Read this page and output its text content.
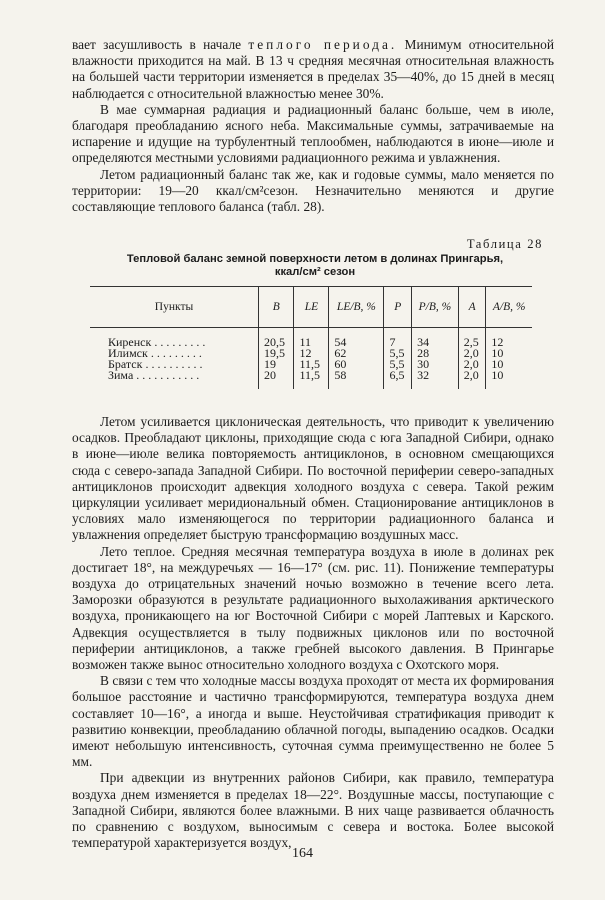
вает засушливость в начале теплого периода. Минимум относительной влажности приходится на май. В 13 ч средняя месячная относительная влажность на большей части территории изменяется в пределах 35—40%, до 15 дней в месяц наблюдается с относительной влажностью менее 30%.

В мае суммарная радиация и радиационный баланс больше, чем в июле, благодаря преобладанию ясного неба. Максимальные суммы, затрачиваемые на испарение и идущие на турбулентный теплообмен, наблюдаются в июне—июле и определяются местными условиями радиационного режима и увлажнения.

Летом радиационный баланс так же, как и годовые суммы, мало меняется по территории: 19—20 ккал/см²сезон. Незначительно меняются и другие составляющие теплового баланса (табл. 28).

Таблица 28
Тепловой баланс земной поверхности летом в долинах Прингарья,
ккал/см² сезон
Пункты	B	LE	LE/B, %	P	P/B, %	A	A/B, %
Киренск . . . . . . . . .	20,5	11	54	7	34	2,5	12
Илимск . . . . . . . . .	19,5	12	62	5,5	28	2,0	10
Братск . . . . . . . . . .	19	11,5	60	5,5	30	2,0	10
Зима . . . . . . . . . . .	20	11,5	58	6,5	32	2,0	10

Летом усиливается циклоническая деятельность, что приводит к увеличению осадков. Преобладают циклоны, приходящие сюда с юга Западной Сибири, однако в июне—июле велика повторяемость антициклонов, в основном смещающихся сюда с северо-запада Западной Сибири. По восточной периферии северо-западных антициклонов происходит адвекция холодного воздуха с севера. Такой режим циркуляции усиливает меридиональный обмен. Стационирование антициклонов в условиях мало изменяющегося по территории радиационного баланса и увлажнения определяет быструю трансформацию воздушных масс.

Лето теплое. Средняя месячная температура воздуха в июле в долинах рек достигает 18°, на междуречьях — 16—17° (см. рис. 11). Понижение температуры воздуха до отрицательных значений ночью возможно в течение всего лета. Заморозки образуются в результате радиационного выхолаживания арктического воздуха, проникающего на юг Восточной Сибири с морей Лаптевых и Карского. Адвекция осуществляется в тылу подвижных циклонов или по восточной периферии антициклонов, а также гребней высокого давления. В Прингарье возможен также вынос относительно холодного воздуха с Охотского моря.

В связи с тем что холодные массы воздуха проходят от места их формирования большое расстояние и частично трансформируются, температура воздуха днем составляет 10—16°, а иногда и выше. Неустойчивая стратификация приводит к развитию конвекции, преобладанию облачной погоды, выпадению осадков. Осадки имеют небольшую интенсивность, суточная сумма преимущественно не более 5 мм.

При адвекции из внутренних районов Сибири, как правило, температура воздуха днем изменяется в пределах 18—22°. Воздушные массы, поступающие с Западной Сибири, являются более влажными. В них чаще развивается облачность по сравнению с воздухом, выносимым с севера и востока. Более высокой температурой характеризуется воздух,

164
